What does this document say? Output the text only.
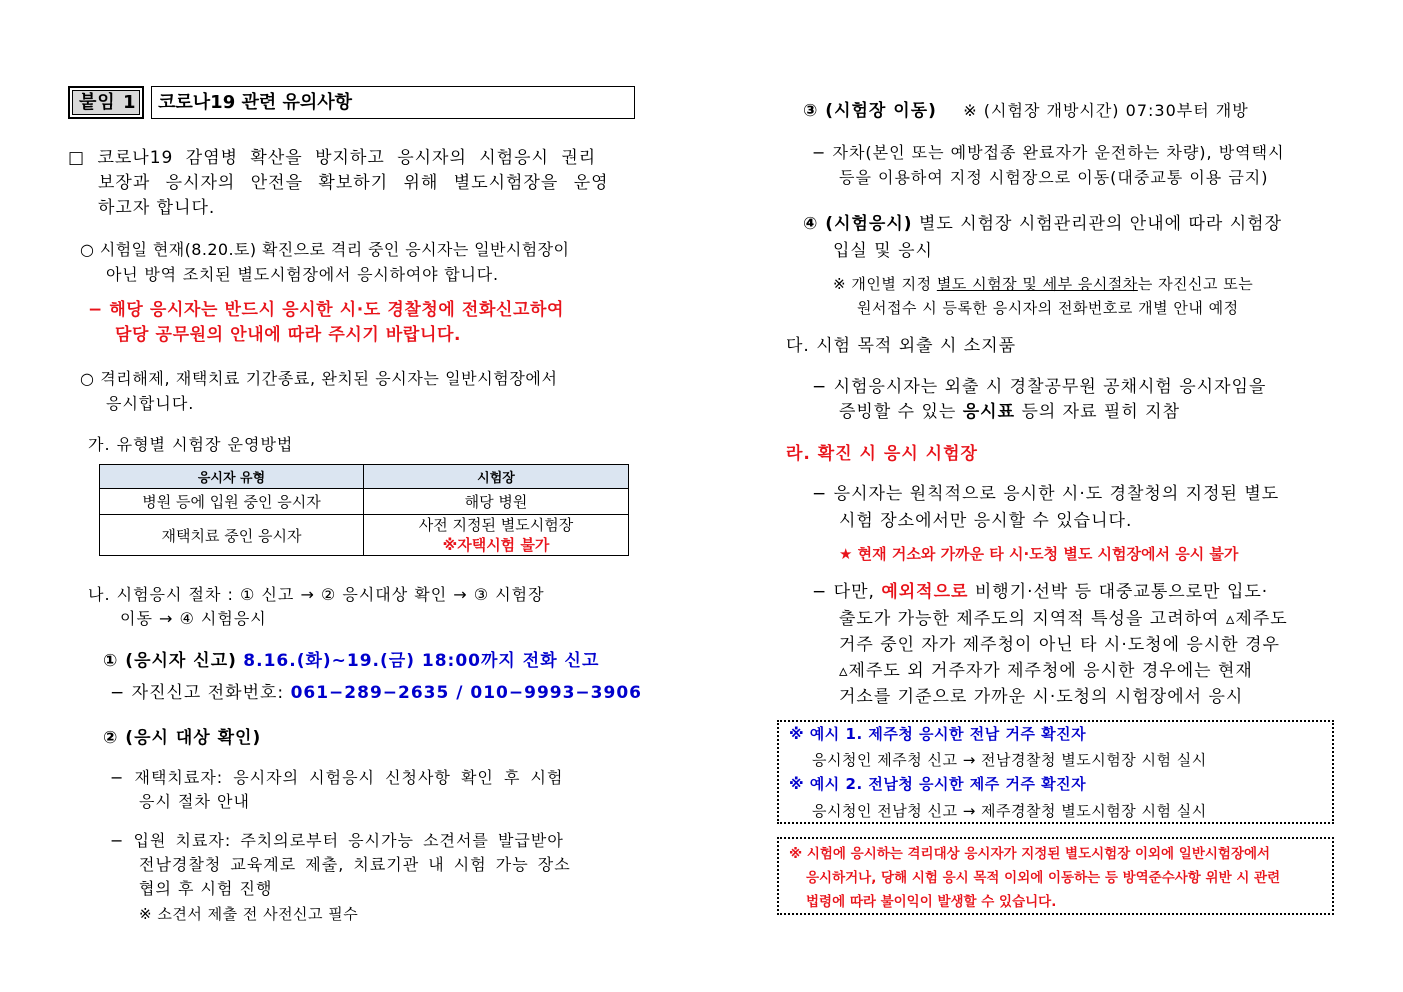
붙임 1 코로나19 관련 유의사항
□ 코로나19 감염병 확산을 방지하고 응시자의 시험응시 권리
보장과 응시자의 안전을 확보하기 위해 별도시험장을 운영
하고자 합니다.
○ 시험일 현재(8.20.토) 확진으로 격리 중인 응시자는 일반시험장이
아닌 방역 조치된 별도시험장에서 응시하여야 합니다.
− 해당 응시자는 반드시 응시한 시·도 경찰청에 전화신고하여
담당 공무원의 안내에 따라 주시기 바랍니다.
○ 격리해제, 재택치료 기간종료, 완치된 응시자는 일반시험장에서
응시합니다.
가. 유형별 시험장 운영방법
응시자 유형	시험장
병원 등에 입원 중인 응시자	해당 병원
재택치료 중인 응시자	사전 지정된 별도시험장
※자택시험 불가
나. 시험응시 절차 : ① 신고 → ② 응시대상 확인 → ③ 시험장
이동 → ④ 시험응시
① (응시자 신고) 8.16.(화)~19.(금) 18:00까지 전화 신고
− 자진신고 전화번호: 061−289−2635 / 010−9993−3906
② (응시 대상 확인)
− 재택치료자: 응시자의 시험응시 신청사항 확인 후 시험
응시 절차 안내
− 입원 치료자: 주치의로부터 응시가능 소견서를 발급받아
전남경찰청 교육계로 제출, 치료기관 내 시험 가능 장소
협의 후 시험 진행
※ 소견서 제출 전 사전신고 필수
③ (시험장 이동) ※ (시험장 개방시간) 07:30부터 개방
− 자차(본인 또는 예방접종 완료자가 운전하는 차량), 방역택시
등을 이용하여 지정 시험장으로 이동(대중교통 이용 금지)
④ (시험응시) 별도 시험장 시험관리관의 안내에 따라 시험장
입실 및 응시
※ 개인별 지정 별도 시험장 및 세부 응시절차는 자진신고 또는
원서접수 시 등록한 응시자의 전화번호로 개별 안내 예정
다. 시험 목적 외출 시 소지품
− 시험응시자는 외출 시 경찰공무원 공채시험 응시자임을
증빙할 수 있는 응시표 등의 자료 필히 지참
라. 확진 시 응시 시험장
− 응시자는 원칙적으로 응시한 시·도 경찰청의 지정된 별도
시험 장소에서만 응시할 수 있습니다.
★ 현재 거소와 가까운 타 시·도청 별도 시험장에서 응시 불가
− 다만, 예외적으로 비행기·선박 등 대중교통으로만 입도·
출도가 가능한 제주도의 지역적 특성을 고려하여 ▵제주도
거주 중인 자가 제주청이 아닌 타 시·도청에 응시한 경우
▵제주도 외 거주자가 제주청에 응시한 경우에는 현재
거소를 기준으로 가까운 시·도청의 시험장에서 응시
※ 예시 1. 제주청 응시한 전남 거주 확진자
응시청인 제주청 신고 → 전남경찰청 별도시험장 시험 실시
※ 예시 2. 전남청 응시한 제주 거주 확진자
응시청인 전남청 신고 → 제주경찰청 별도시험장 시험 실시
※ 시험에 응시하는 격리대상 응시자가 지정된 별도시험장 이외에 일반시험장에서
응시하거나, 당해 시험 응시 목적 이외에 이동하는 등 방역준수사항 위반 시 관련
법령에 따라 불이익이 발생할 수 있습니다.
